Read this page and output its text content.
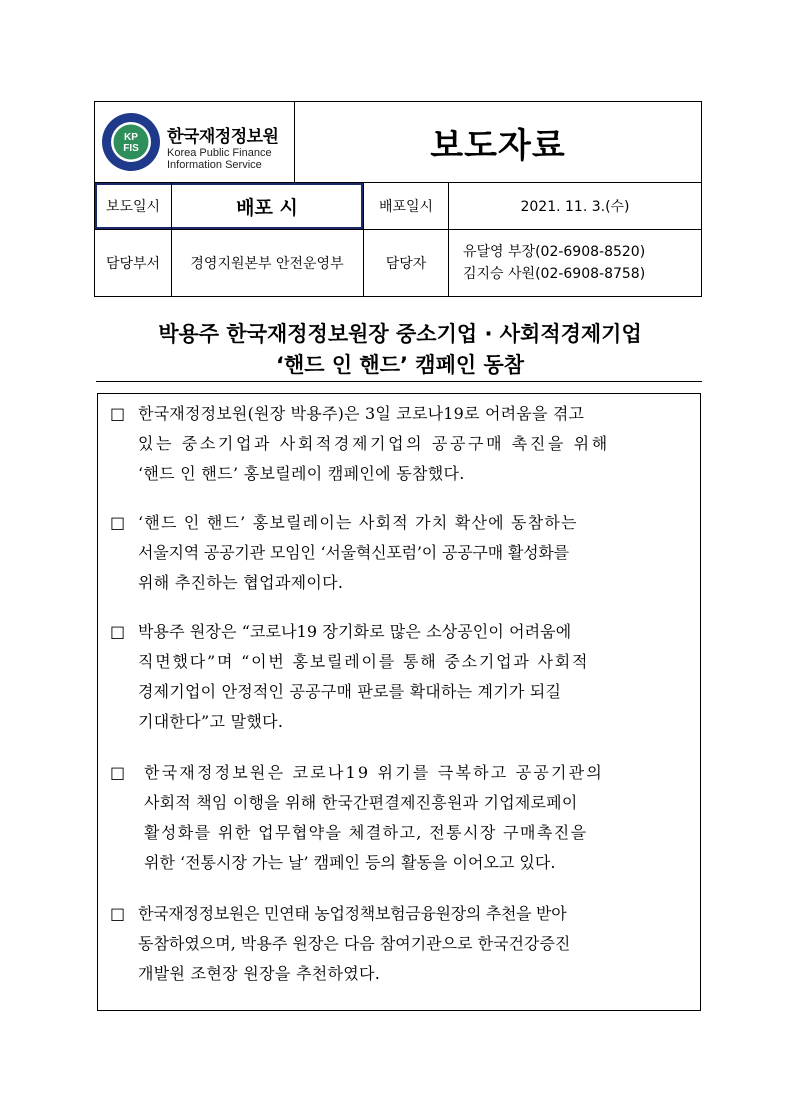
KP
FIS
한국재정정보원
Korea Public Finance
Information Service	보도자료
보도일시	배포 시	배포일시	2021. 11. 3.(수)
담당부서	경영지원본부 안전운영부	담당자
유달영 부장(02-6908-8520)
김지승 사원(02-6908-8758)
박용주 한국재정정보원장 중소기업 · 사회적경제기업
‘핸드 인 핸드’ 캠페인 동참
□ 한국재정정보원(원장 박용주)은 3일 코로나19로 어려움을 겪고
있는 중소기업과 사회적경제기업의 공공구매 촉진을 위해
‘핸드 인 핸드’ 홍보릴레이 캠페인에 동참했다.
□ ‘핸드 인 핸드’ 홍보릴레이는 사회적 가치 확산에 동참하는
서울지역 공공기관 모임인 ‘서울혁신포럼’이 공공구매 활성화를
위해 추진하는 협업과제이다.
□ 박용주 원장은 “코로나19 장기화로 많은 소상공인이 어려움에
직면했다”며 “이번 홍보릴레이를 통해 중소기업과 사회적
경제기업이 안정적인 공공구매 판로를 확대하는 계기가 되길
기대한다”고 말했다.
□	한국재정정보원은 코로나19 위기를 극복하고 공공기관의
사회적 책임 이행을 위해 한국간편결제진흥원과 기업제로페이
활성화를 위한 업무협약을 체결하고, 전통시장 구매촉진을
위한 ‘전통시장 가는 날’ 캠페인 등의 활동을 이어오고 있다.
□ 한국재정정보원은 민연태 농업정책보험금융원장의 추천을 받아
동참하였으며, 박용주 원장은 다음 참여기관으로 한국건강증진
개발원 조현장 원장을 추천하였다.
